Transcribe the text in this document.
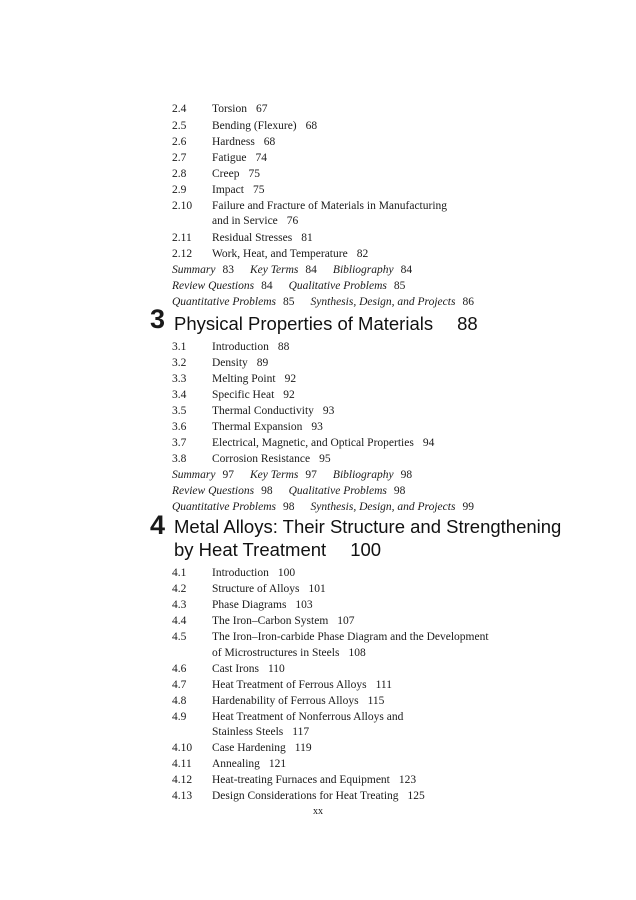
2.4 Torsion 67
2.5 Bending (Flexure) 68
2.6 Hardness 68
2.7 Fatigue 74
2.8 Creep 75
2.9 Impact 75
2.10 Failure and Fracture of Materials in Manufacturing
and in Service 76
2.11 Residual Stresses 81
2.12 Work, Heat, and Temperature 82
Summary 83 Key Terms 84 Bibliography 84
Review Questions 84 Qualitative Problems 85
Quantitative Problems 85 Synthesis, Design, and Projects 86
3 Physical Properties of Materials 88
3.1 Introduction 88
3.2 Density 89
3.3 Melting Point 92
3.4 Specific Heat 92
3.5 Thermal Conductivity 93
3.6 Thermal Expansion 93
3.7 Electrical, Magnetic, and Optical Properties 94
3.8 Corrosion Resistance 95
Summary 97 Key Terms 97 Bibliography 98
Review Questions 98 Qualitative Problems 98
Quantitative Problems 98 Synthesis, Design, and Projects 99
4 Metal Alloys: Their Structure and Strengthening
by Heat Treatment 100
4.1 Introduction 100
4.2 Structure of Alloys 101
4.3 Phase Diagrams 103
4.4 The Iron–Carbon System 107
4.5 The Iron–Iron-carbide Phase Diagram and the Development
of Microstructures in Steels 108
4.6 Cast Irons 110
4.7 Heat Treatment of Ferrous Alloys 111
4.8 Hardenability of Ferrous Alloys 115
4.9 Heat Treatment of Nonferrous Alloys and
Stainless Steels 117
4.10 Case Hardening 119
4.11 Annealing 121
4.12 Heat-treating Furnaces and Equipment 123
4.13 Design Considerations for Heat Treating 125
xx
